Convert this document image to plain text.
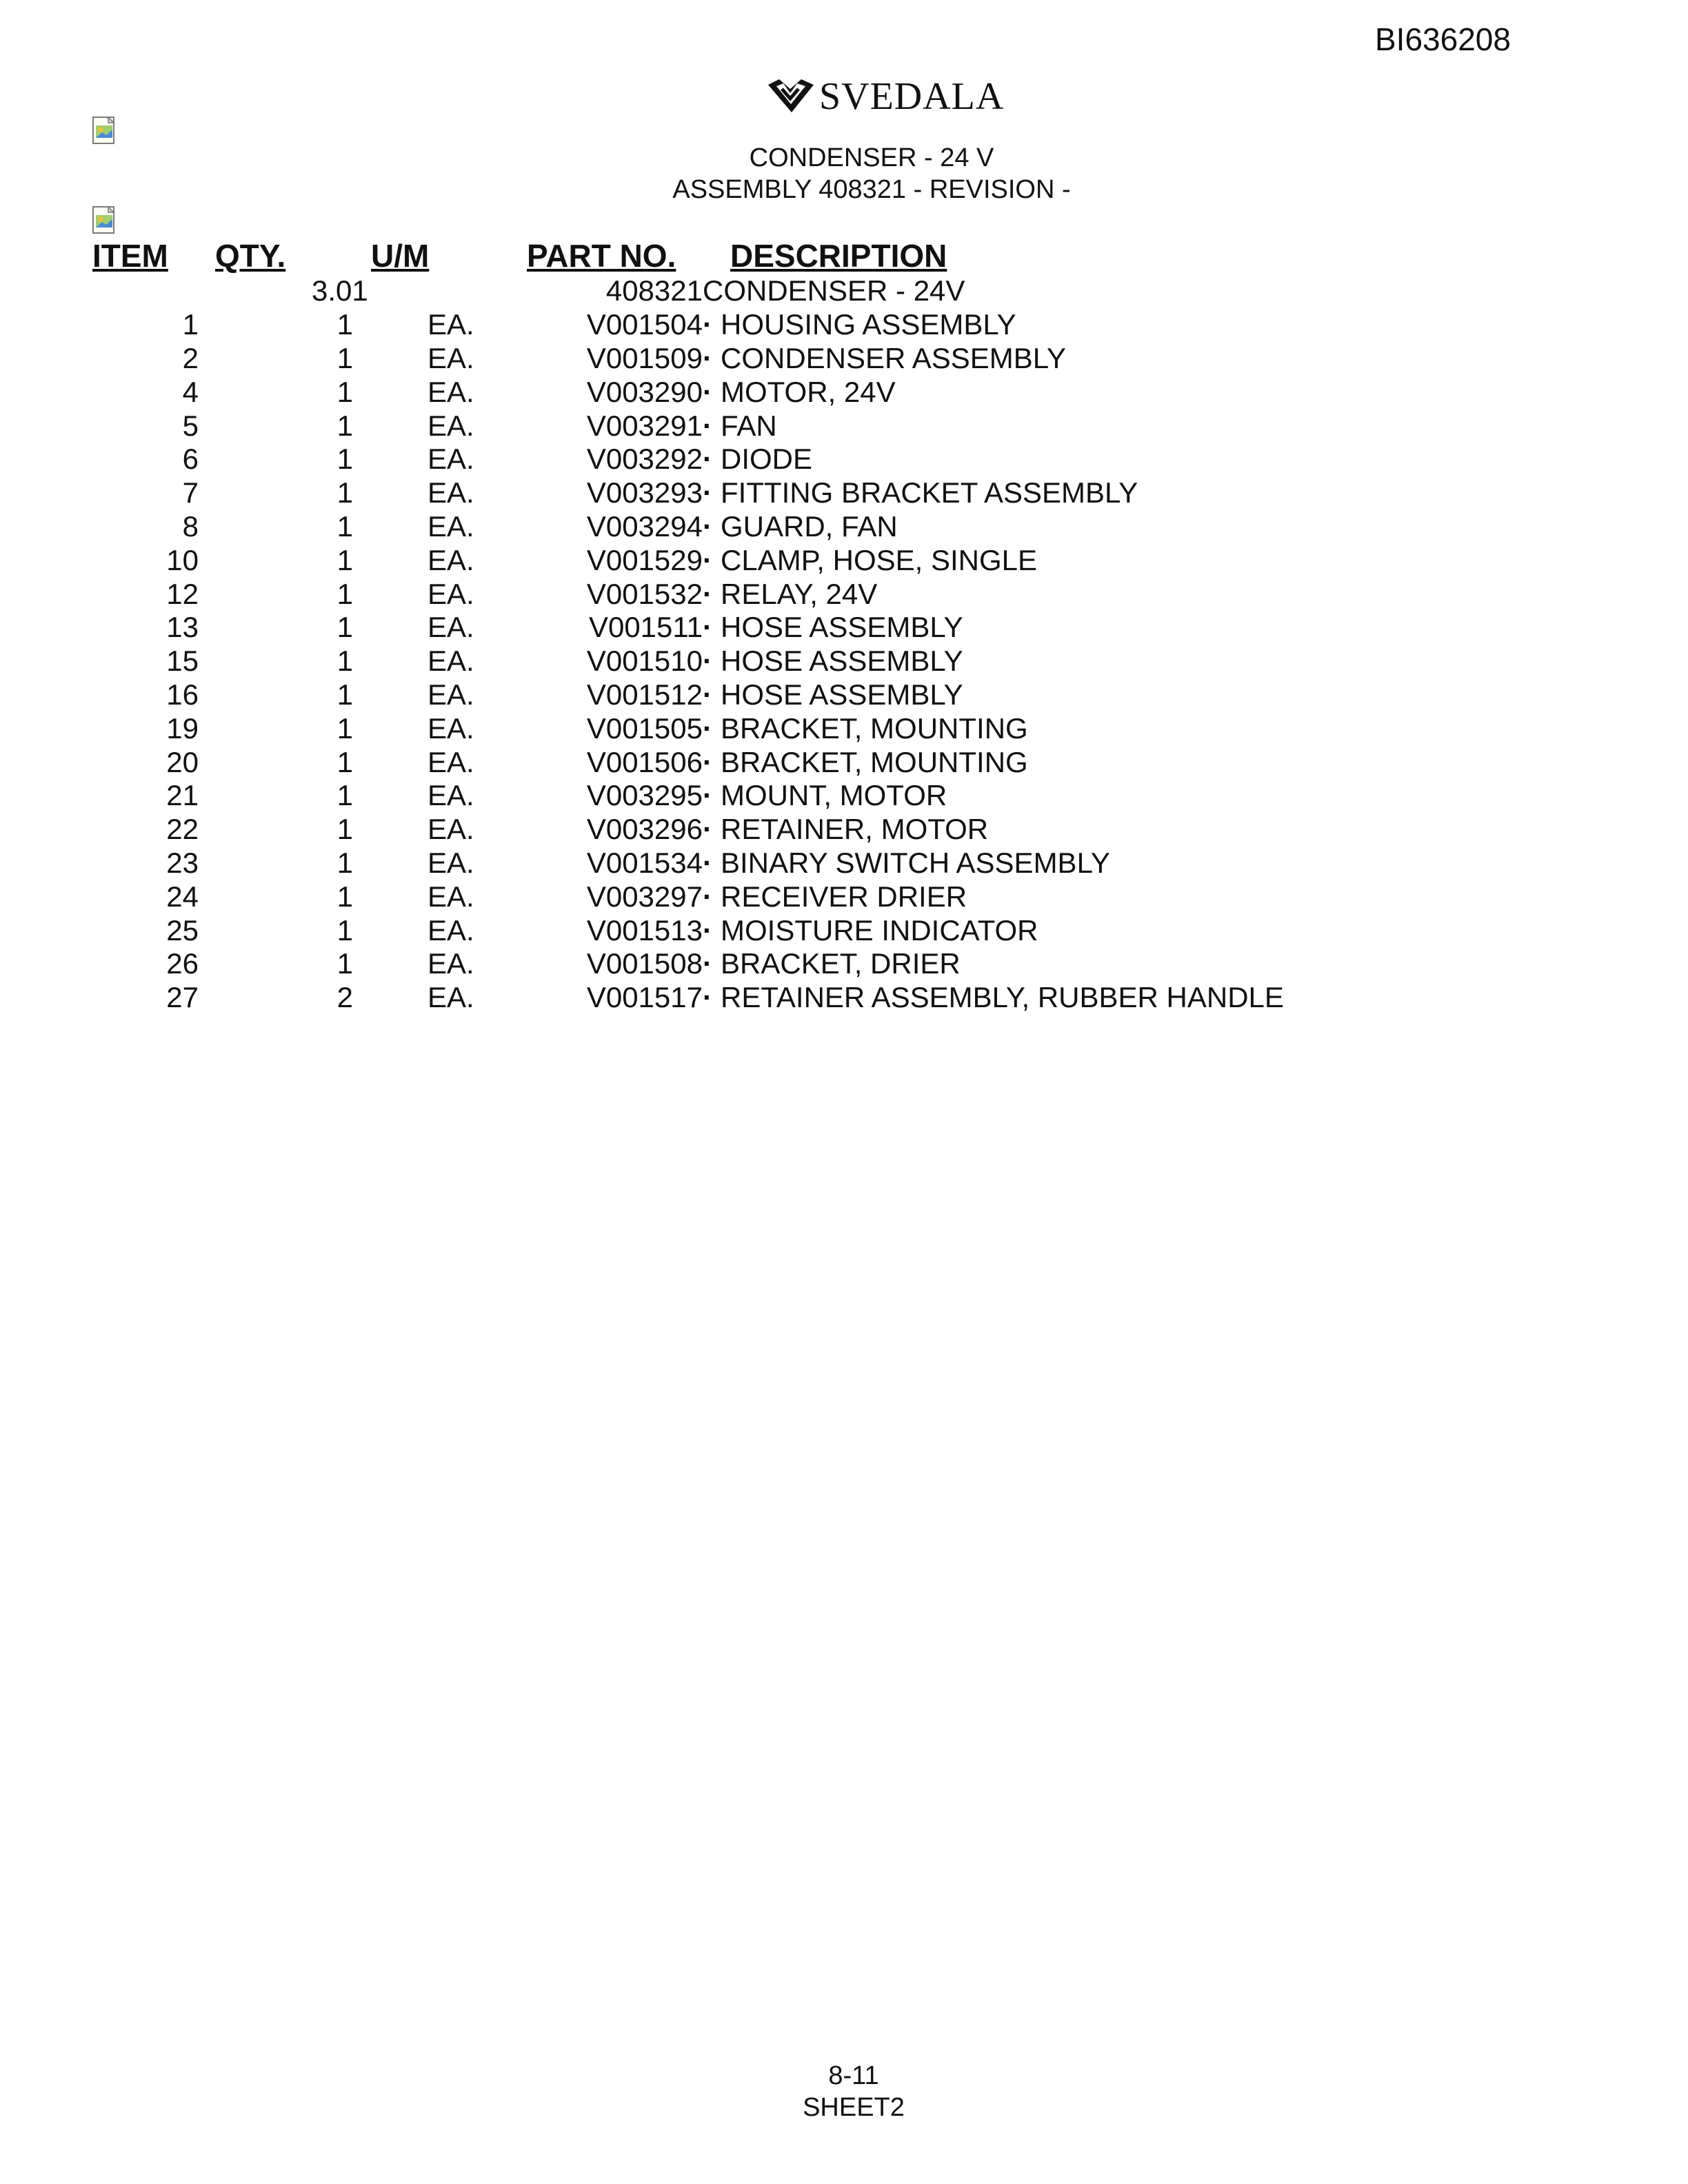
BI636208
SVEDALA
CONDENSER - 24 V
ASSEMBLY 408321 - REVISION -
ITEM	QTY.	U/M	PART NO.	DESCRIPTION
	3.01		408321	CONDENSER - 24V
1	1	EA.	V001504	· HOUSING ASSEMBLY
2	1	EA.	V001509	· CONDENSER ASSEMBLY
4	1	EA.	V003290	· MOTOR, 24V
5	1	EA.	V003291	· FAN
6	1	EA.	V003292	· DIODE
7	1	EA.	V003293	· FITTING BRACKET ASSEMBLY
8	1	EA.	V003294	· GUARD, FAN
10	1	EA.	V001529	· CLAMP, HOSE, SINGLE
12	1	EA.	V001532	· RELAY, 24V
13	1	EA.	V001511	· HOSE ASSEMBLY
15	1	EA.	V001510	· HOSE ASSEMBLY
16	1	EA.	V001512	· HOSE ASSEMBLY
19	1	EA.	V001505	· BRACKET, MOUNTING
20	1	EA.	V001506	· BRACKET, MOUNTING
21	1	EA.	V003295	· MOUNT, MOTOR
22	1	EA.	V003296	· RETAINER, MOTOR
23	1	EA.	V001534	· BINARY SWITCH ASSEMBLY
24	1	EA.	V003297	· RECEIVER DRIER
25	1	EA.	V001513	· MOISTURE INDICATOR
26	1	EA.	V001508	· BRACKET, DRIER
27	2	EA.	V001517	· RETAINER ASSEMBLY, RUBBER HANDLE
8-11
SHEET2
